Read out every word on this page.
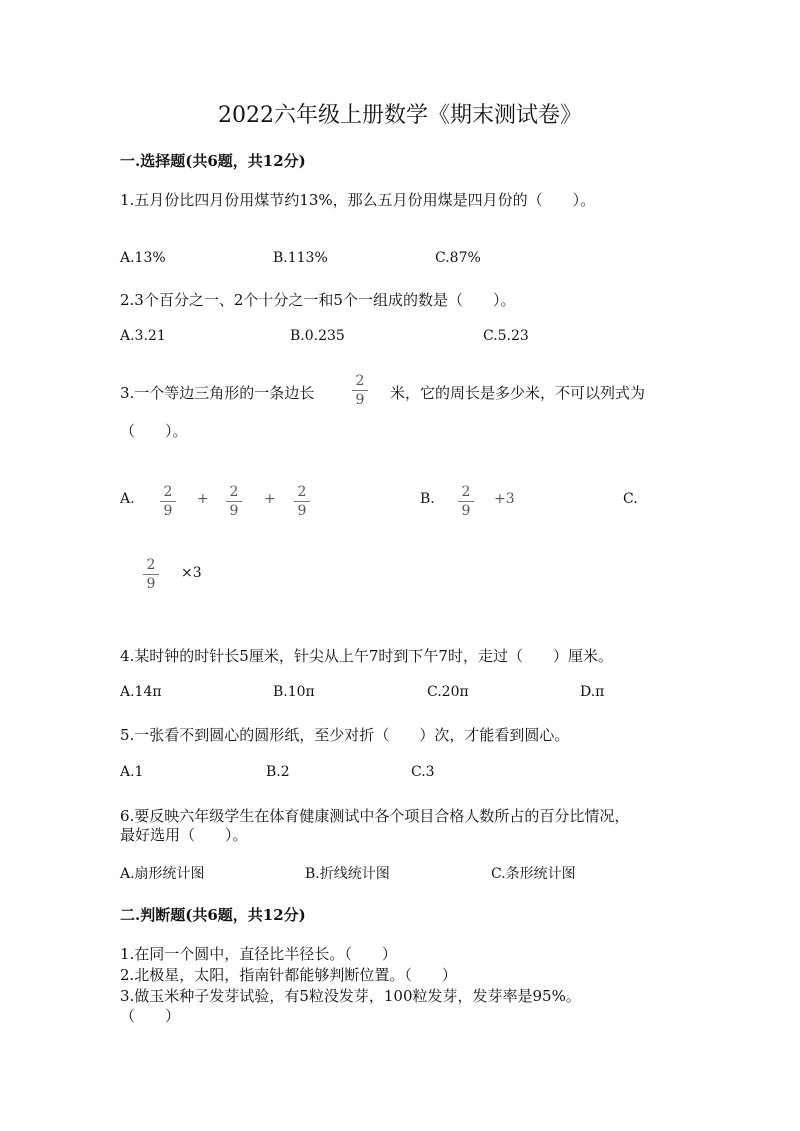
2022六年级上册数学《期末测试卷》
一.选择题(共6题，共12分)
1.五月份比四月份用煤节约13%，那么五月份用煤是四月份的（　　）。
A.13%	B.113%	C.87%
2.3个百分之一、2个十分之一和5个一组成的数是（　　）。
A.3.21	B.0.235	C.5.23
3.一个等边三角形的一条边长
2
9 米，它的周长是多少米，不可以列式为
（　　）。
A. 2
9
+ 2
9
+ 2
9
B. 2
9
+3	C.
2
9
×3
4.某时钟的时针长5厘米，针尖从上午7时到下午7时，走过（　　）厘米。
A.14π	B.10π	C.20π	D.π
5.一张看不到圆心的圆形纸，至少对折（　　）次，才能看到圆心。
A.1	B.2	C.3
6.要反映六年级学生在体育健康测试中各个项目合格人数所占的百分比情况，
最好选用（　　）。
A.扇形统计图	B.折线统计图	C.条形统计图
二.判断题(共6题，共12分)
1.在同一个圆中，直径比半径长。（　　）
2.北极星，太阳，指南针都能够判断位置。（　　）
3.做玉米种子发芽试验，有5粒没发芽，100粒发芽，发芽率是95%。
（　　）
